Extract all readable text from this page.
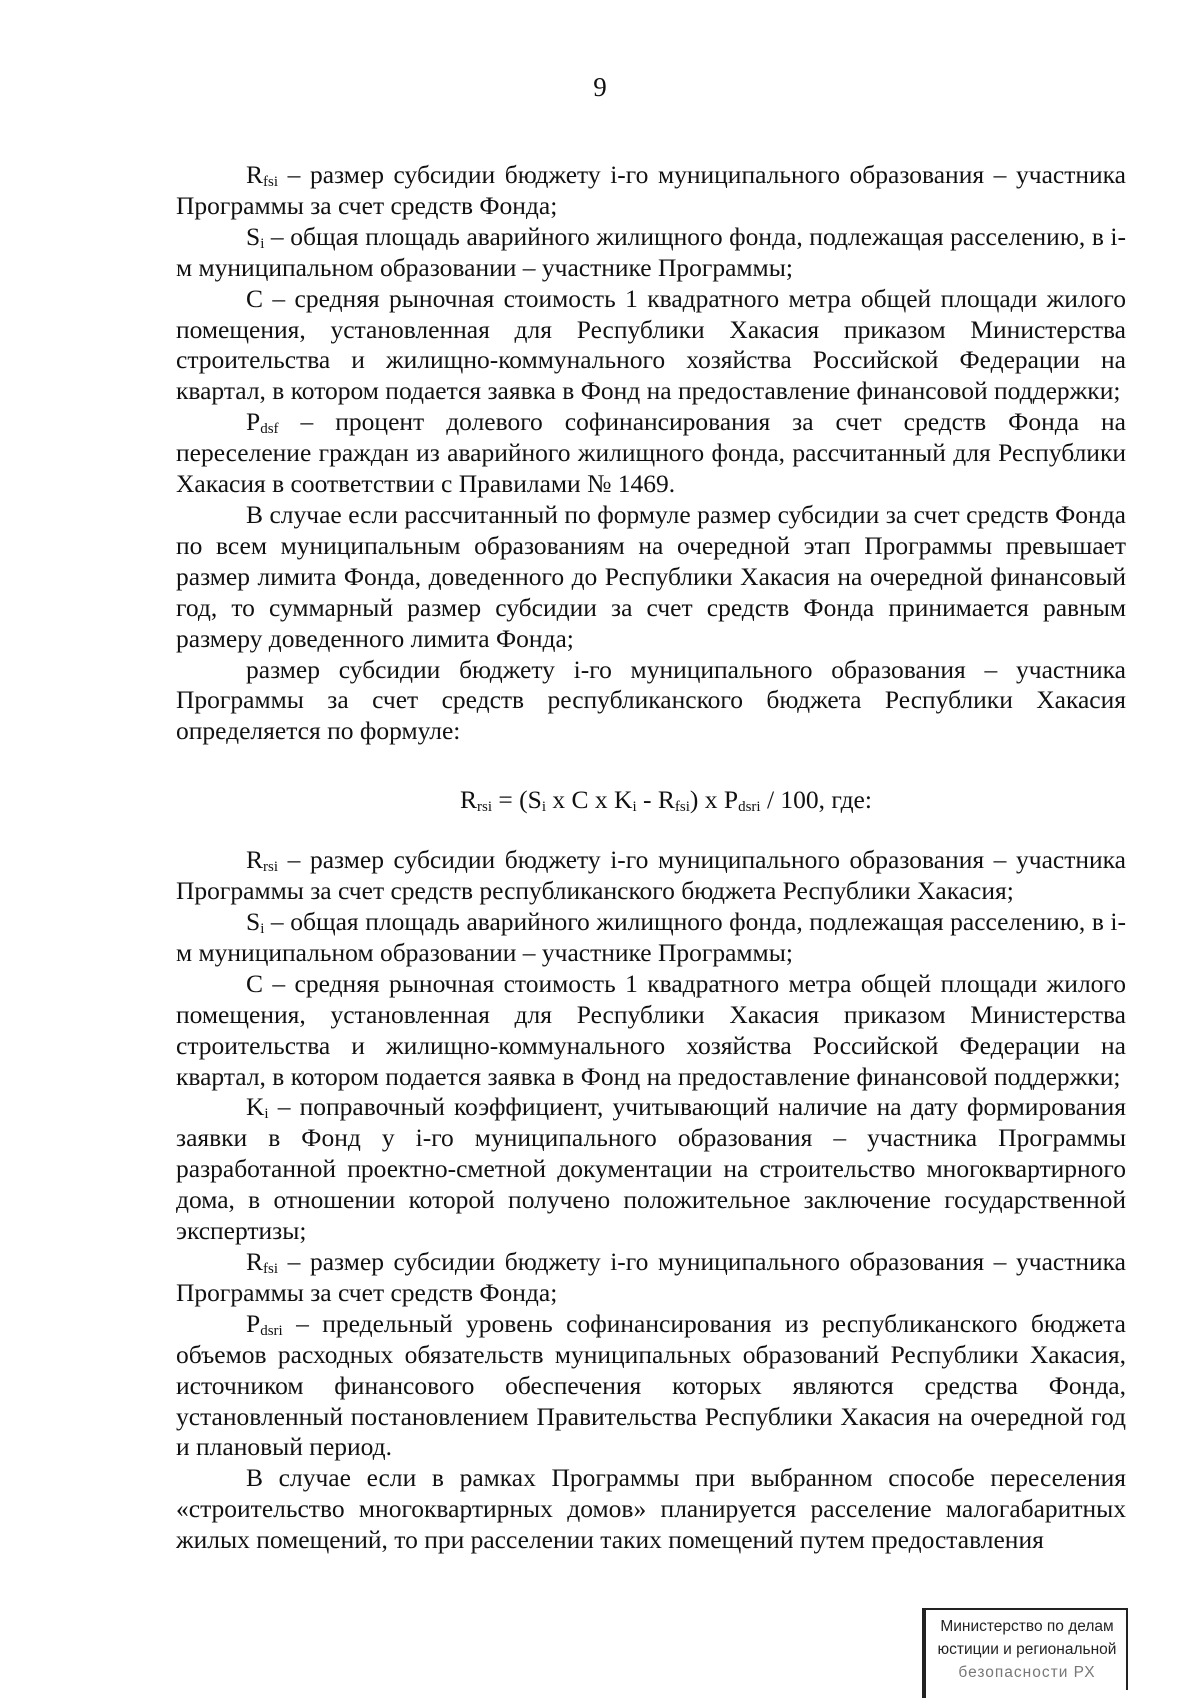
9

$R_{fsi}$ – размер субсидии бюджету i-го муниципального образования – участника Программы за счет средств Фонда;

$S_i$ – общая площадь аварийного жилищного фонда, подлежащая расселению, в i-м муниципальном образовании – участнике Программы;

С – средняя рыночная стоимость 1 квадратного метра общей площади жилого помещения, установленная для Республики Хакасия приказом Министерства строительства и жилищно-коммунального хозяйства Российской Федерации на квартал, в котором подается заявка в Фонд на предоставление финансовой поддержки;

$P_{dsf}$ – процент долевого софинансирования за счет средств Фонда на переселение граждан из аварийного жилищного фонда, рассчитанный для Республики Хакасия в соответствии с Правилами № 1469.

В случае если рассчитанный по формуле размер субсидии за счет средств Фонда по всем муниципальным образованиям на очередной этап Программы превышает размер лимита Фонда, доведенного до Республики Хакасия на очередной финансовый год, то суммарный размер субсидии за счет средств Фонда принимается равным размеру доведенного лимита Фонда;

размер субсидии бюджету i-го муниципального образования – участника Программы за счет средств республиканского бюджета Республики Хакасия определяется по формуле:

$R_{rsi} = (S_i$ x C x $K_i - R_{fsi}$) x $P_{dsri} / 100$, где:

$R_{rsi}$ – размер субсидии бюджету i-го муниципального образования – участника Программы за счет средств республиканского бюджета Республики Хакасия;

$S_i$ – общая площадь аварийного жилищного фонда, подлежащая расселению, в i-м муниципальном образовании – участнике Программы;

С – средняя рыночная стоимость 1 квадратного метра общей площади жилого помещения, установленная для Республики Хакасия приказом Министерства строительства и жилищно-коммунального хозяйства Российской Федерации на квартал, в котором подается заявка в Фонд на предоставление финансовой поддержки;

$K_i$ – поправочный коэффициент, учитывающий наличие на дату формирования заявки в Фонд у i-го муниципального образования – участника Программы разработанной проектно-сметной документации на строительство многоквартирного дома, в отношении которой получено положительное заключение государственной экспертизы;

$R_{fsi}$ – размер субсидии бюджету i-го муниципального образования – участника Программы за счет средств Фонда;

$P_{dsri}$ – предельный уровень софинансирования из республиканского бюджета объемов расходных обязательств муниципальных образований Республики Хакасия, источником финансового обеспечения которых являются средства Фонда, установленный постановлением Правительства Республики Хакасия на очередной год и плановый период.

В случае если в рамках Программы при выбранном способе переселения «строительство многоквартирных домов» планируется расселение малогабаритных жилых помещений, то при расселении таких помещений путем предоставления

Министерство по делам
юстиции и региональной
безопасности РХ
